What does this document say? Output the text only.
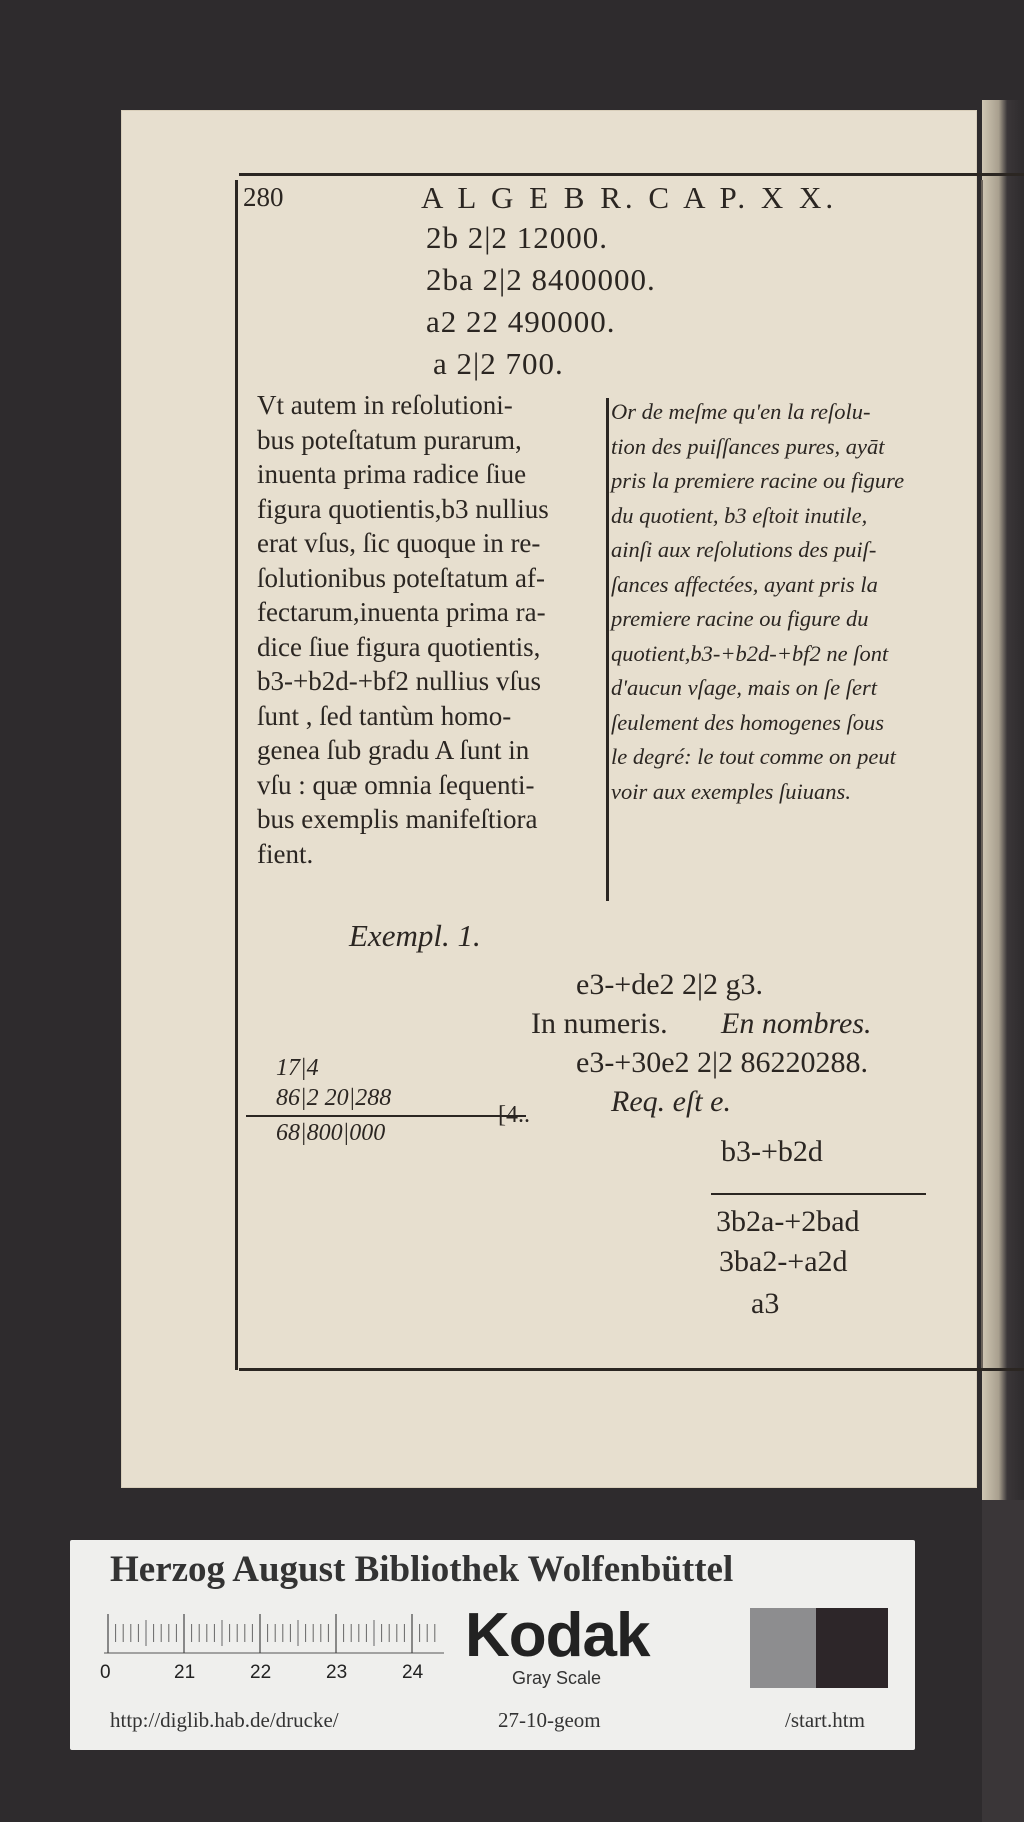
280	A L G E B R. C A P. X X.
2b 2|2 12000.
2ba 2|2 8400000.
a2 22 490000.
a 2|2 700.
Vt autem in reſolutioni-
bus poteſtatum purarum,
inuenta prima radice ſiue
figura quotientis,b3 nullius
erat vſus, ſic quoque in re-
ſolutionibus poteſtatum af-
fectarum,inuenta prima ra-
dice ſiue figura quotientis,
b3-+b2d-+bf2 nullius vſus
ſunt , ſed tantùm homo-
genea ſub gradu A ſunt in
vſu : quæ omnia ſequenti-
bus exemplis manifeſtiora
fient.
Or de meſme qu'en la reſolu-
tion des puiſſances pures, ayāt
pris la premiere racine ou figure
du quotient, b3 eſtoit inutile,
ainſi aux reſolutions des puiſ-
ſances affectées, ayant pris la
premiere racine ou figure du
quotient,b3-+b2d-+bf2 ne ſont
d'aucun vſage, mais on ſe ſert
ſeulement des homogenes ſous
le degré: le tout comme on peut
voir aux exemples ſuiuans.
Exempl. 1.
e3-+de2 2|2 g3.
In numeris. En nombres.
e3-+30e2 2|2 86220288.
Req. eſt e.
b3-+b2d
3b2a-+2bad
3ba2-+a2d
a3
17|4
86|2 20|288
68|800|000
[4..
Herzog August Bibliothek Wolfenbüttel
0	21	22	23	24
Kodak
Gray Scale
http://diglib.hab.de/drucke/	27-10-geom	/start.htm
